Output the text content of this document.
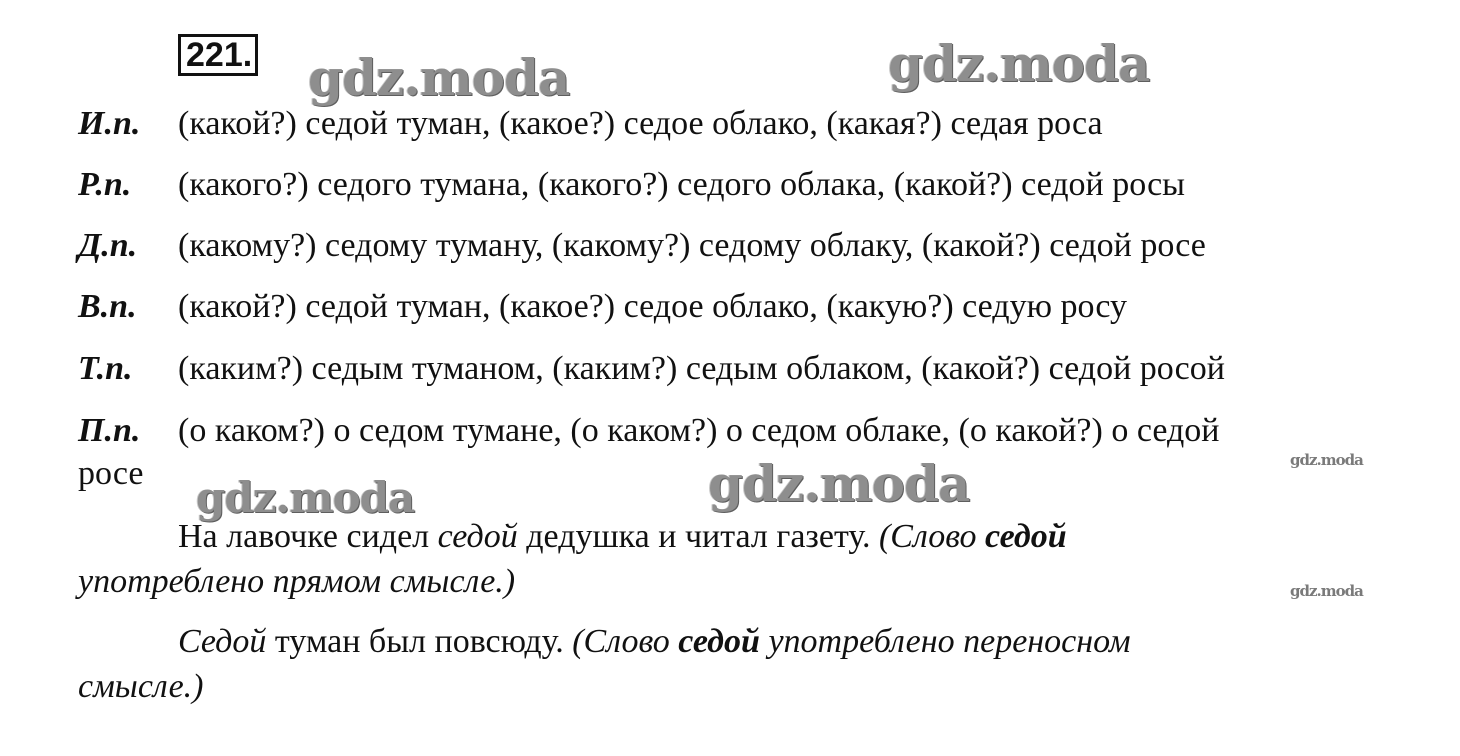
221. gdz.moda	gdz.moda
И.п. (какой?) седой туман, (какое?) седое облако, (какая?) седая роса
Р.п. (какого?) седого тумана, (какого?) седого облака, (какой?) седой росы
Д.п. (какому?) седому туману, (какому?) седому облаку, (какой?) седой росе
В.п. (какой?) седой туман, (какое?) седое облако, (какую?) седую росу
Т.п. (каким?) седым туманом, (каким?) седым облаком, (какой?) седой росой
П.п. (о каком?) о седом тумане, (о каком?) о седом облаке, (о какой?) о седой
росе	gdz.moda
gdz.moda	gdz.moda
На лавочке сидел седой дедушка и читал газету. (Слово седой
употреблено прямом смысле.)	gdz.moda
Седой туман был повсюду. (Слово седой употреблено переносном
смысле.)
